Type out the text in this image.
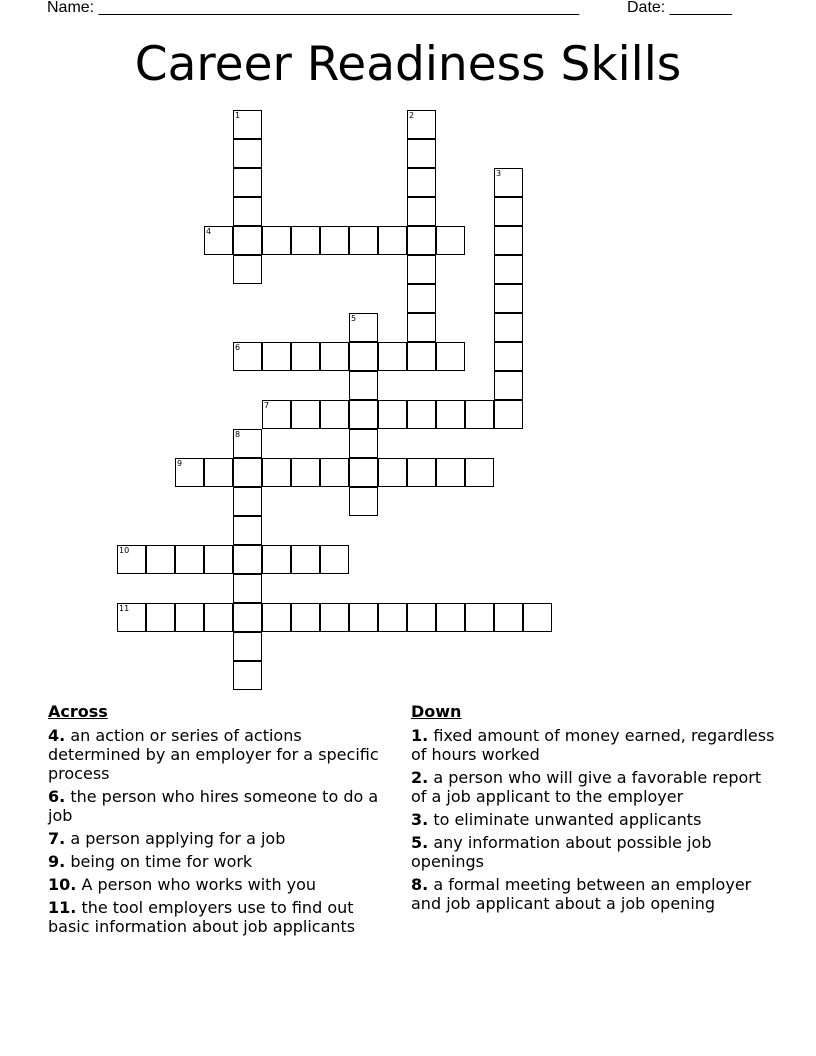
Name: ______________________________________________________	Date: _______
Career Readiness Skills
1	2
3
4
5
6
7
8
9
10
11
Across
4. an action or series of actions determined by an employer for a specific process
6. the person who hires someone to do a job
7. a person applying for a job
9. being on time for work
10. A person who works with you
11. the tool employers use to find out basic information about job applicants
Down
1. fixed amount of money earned, regardless of hours worked
2. a person who will give a favorable report of a job applicant to the employer
3. to eliminate unwanted applicants
5. any information about possible job openings
8. a formal meeting between an employer and job applicant about a job opening
